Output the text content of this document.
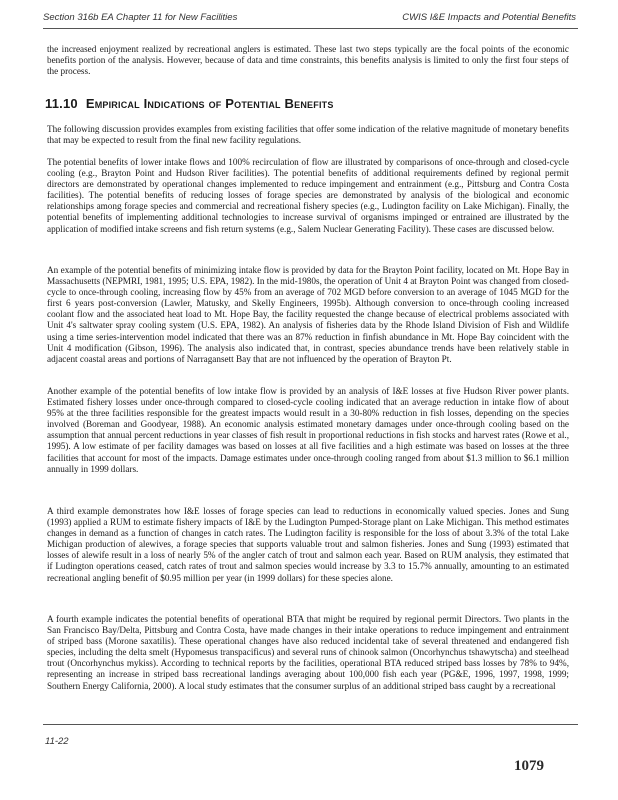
Section 316b EA Chapter 11 for New Facilities	CWIS I&E Impacts and Potential Benefits

the increased enjoyment realized by recreational anglers is estimated. These last two steps typically are the focal points of the economic benefits portion of the analysis. However, because of data and time constraints, this benefits analysis is limited to only the first four steps of the process.

11.10 Empirical Indications of Potential Benefits

The following discussion provides examples from existing facilities that offer some indication of the relative magnitude of monetary benefits that may be expected to result from the final new facility regulations.

The potential benefits of lower intake flows and 100% recirculation of flow are illustrated by comparisons of once-through and closed-cycle cooling (e.g., Brayton Point and Hudson River facilities). The potential benefits of additional requirements defined by regional permit directors are demonstrated by operational changes implemented to reduce impingement and entrainment (e.g., Pittsburg and Contra Costa facilities). The potential benefits of reducing losses of forage species are demonstrated by analysis of the biological and economic relationships among forage species and commercial and recreational fishery species (e.g., Ludington facility on Lake Michigan). Finally, the potential benefits of implementing additional technologies to increase survival of organisms impinged or entrained are illustrated by the application of modified intake screens and fish return systems (e.g., Salem Nuclear Generating Facility). These cases are discussed below.

An example of the potential benefits of minimizing intake flow is provided by data for the Brayton Point facility, located on Mt. Hope Bay in Massachusetts (NEPMRI, 1981, 1995; U.S. EPA, 1982). In the mid-1980s, the operation of Unit 4 at Brayton Point was changed from closed-cycle to once-through cooling, increasing flow by 45% from an average of 702 MGD before conversion to an average of 1045 MGD for the first 6 years post-conversion (Lawler, Matusky, and Skelly Engineers, 1995b). Although conversion to once-through cooling increased coolant flow and the associated heat load to Mt. Hope Bay, the facility requested the change because of electrical problems associated with Unit 4's saltwater spray cooling system (U.S. EPA, 1982). An analysis of fisheries data by the Rhode Island Division of Fish and Wildlife using a time series-intervention model indicated that there was an 87% reduction in finfish abundance in Mt. Hope Bay coincident with the Unit 4 modification (Gibson, 1996). The analysis also indicated that, in contrast, species abundance trends have been relatively stable in adjacent coastal areas and portions of Narragansett Bay that are not influenced by the operation of Brayton Pt.

Another example of the potential benefits of low intake flow is provided by an analysis of I&E losses at five Hudson River power plants. Estimated fishery losses under once-through compared to closed-cycle cooling indicated that an average reduction in intake flow of about 95% at the three facilities responsible for the greatest impacts would result in a 30-80% reduction in fish losses, depending on the species involved (Boreman and Goodyear, 1988). An economic analysis estimated monetary damages under once-through cooling based on the assumption that annual percent reductions in year classes of fish result in proportional reductions in fish stocks and harvest rates (Rowe et al., 1995). A low estimate of per facility damages was based on losses at all five facilities and a high estimate was based on losses at the three facilities that account for most of the impacts. Damage estimates under once-through cooling ranged from about $1.3 million to $6.1 million annually in 1999 dollars.

A third example demonstrates how I&E losses of forage species can lead to reductions in economically valued species. Jones and Sung (1993) applied a RUM to estimate fishery impacts of I&E by the Ludington Pumped-Storage plant on Lake Michigan. This method estimates changes in demand as a function of changes in catch rates. The Ludington facility is responsible for the loss of about 3.3% of the total Lake Michigan production of alewives, a forage species that supports valuable trout and salmon fisheries. Jones and Sung (1993) estimated that losses of alewife result in a loss of nearly 5% of the angler catch of trout and salmon each year. Based on RUM analysis, they estimated that if Ludington operations ceased, catch rates of trout and salmon species would increase by 3.3 to 15.7% annually, amounting to an estimated recreational angling benefit of $0.95 million per year (in 1999 dollars) for these species alone.

A fourth example indicates the potential benefits of operational BTA that might be required by regional permit Directors. Two plants in the San Francisco Bay/Delta, Pittsburg and Contra Costa, have made changes in their intake operations to reduce impingement and entrainment of striped bass (Morone saxatilis). These operational changes have also reduced incidental take of several threatened and endangered fish species, including the delta smelt (Hypomesus transpacificus) and several runs of chinook salmon (Oncorhynchus tshawytscha) and steelhead trout (Oncorhynchus mykiss). According to technical reports by the facilities, operational BTA reduced striped bass losses by 78% to 94%, representing an increase in striped bass recreational landings averaging about 100,000 fish each year (PG&E, 1996, 1997, 1998, 1999; Southern Energy California, 2000). A local study estimates that the consumer surplus of an additional striped bass caught by a recreational

11-22
1079
